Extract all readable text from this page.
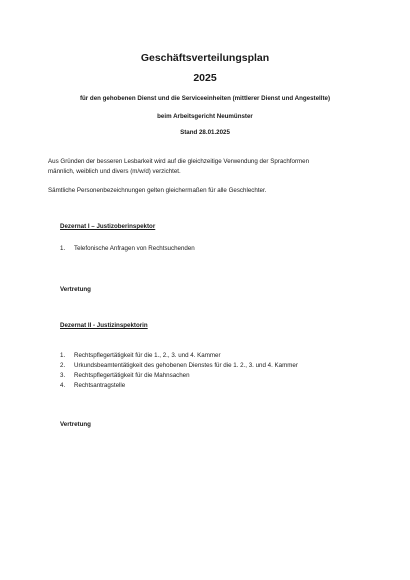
Geschäftsverteilungsplan
2025
für den gehobenen Dienst und die Serviceeinheiten (mittlerer Dienst und Angestellte)
beim Arbeitsgericht Neumünster
Stand 28.01.2025
Aus Gründen der besseren Lesbarkeit wird auf die gleichzeitige Verwendung der Sprachformen
männlich, weiblich und divers (m/w/d) verzichtet.
Sämtliche Personenbezeichnungen gelten gleichermaßen für alle Geschlechter.
Dezernat I – Justizoberinspektor
1.	Telefonische Anfragen von Rechtsuchenden
Vertretung
Dezernat II - Justizinspektorin
1.	Rechtspflegertätigkeit für die 1., 2., 3. und 4. Kammer
2.	Urkundsbeamtentätigkeit des gehobenen Dienstes für die 1. 2., 3. und 4. Kammer
3.	Rechtspflegertätigkeit für die Mahnsachen
4.	Rechtsantragstelle
Vertretung
